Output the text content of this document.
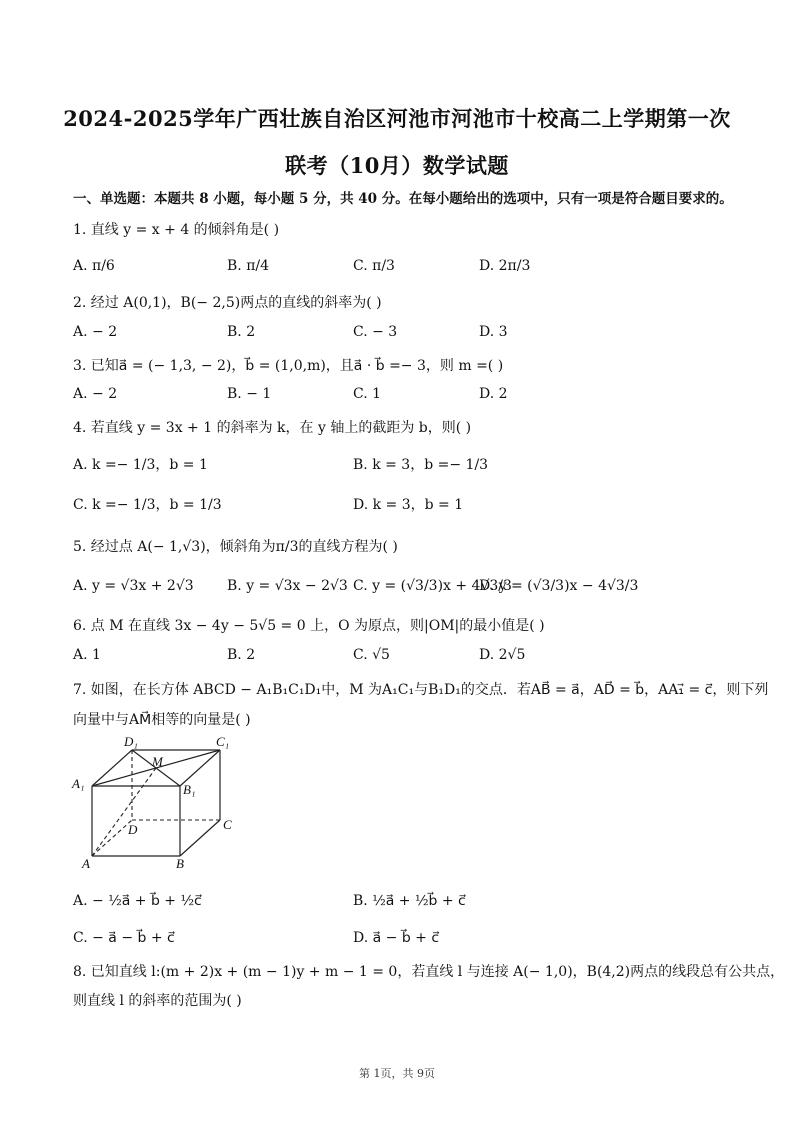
2024-2025学年广西壮族自治区河池市河池市十校高二上学期第一次
联考（10月）数学试题
一、单选题：本题共 8 小题，每小题 5 分，共 40 分。在每小题给出的选项中，只有一项是符合题目要求的。
1. 直线 y = x + 4 的倾斜角是( )
A. π/6	B. π/4	C. π/3	D. 2π/3
2. 经过 A(0,1)，B(− 2,5)两点的直线的斜率为( )
A. − 2	B. 2	C. − 3	D. 3
3. 已知a⃗ = (− 1,3, − 2)，b⃗ = (1,0,m)，且a⃗ · b⃗ =− 3，则 m =( )
A. − 2	B. − 1	C. 1	D. 2
4. 若直线 y = 3x + 1 的斜率为 k，在 y 轴上的截距为 b，则( )
A. k =− 1/3，b = 1	B. k = 3，b =− 1/3
C. k =− 1/3，b = 1/3	D. k = 3，b = 1
5. 经过点 A(− 1,√3)，倾斜角为π/3的直线方程为( )
A. y = √3x + 2√3 B. y = √3x − 2√3 C. y = (√3/3)x + 4√3/3
D. y = (√3/3)x − 4√3/3
6. 点 M 在直线 3x − 4y − 5√5 = 0 上，O 为原点，则|OM|的最小值是( )
A. 1	B. 2	C. √5	D. 2√5
7. 如图，在长方体 ABCD − A₁B₁C₁D₁中，M 为A₁C₁与B₁D₁的交点．若AB⃗ = a⃗，AD⃗ = b⃗，AA₁⃗ = c⃗，则下列
向量中与AM⃗相等的向量是( )
D₁	C₁
A₁	B₁
M
D	C
A	B
A. − ½a⃗ + b⃗ + ½c⃗	B. ½a⃗ + ½b⃗ + c⃗
C. − a⃗ − b⃗ + c⃗	D. a⃗ − b⃗ + c⃗
8. 已知直线 l:(m + 2)x + (m − 1)y + m − 1 = 0，若直线 l 与连接 A(− 1,0)，B(4,2)两点的线段总有公共点，
则直线 l 的斜率的范围为( )
第 1页，共 9页
